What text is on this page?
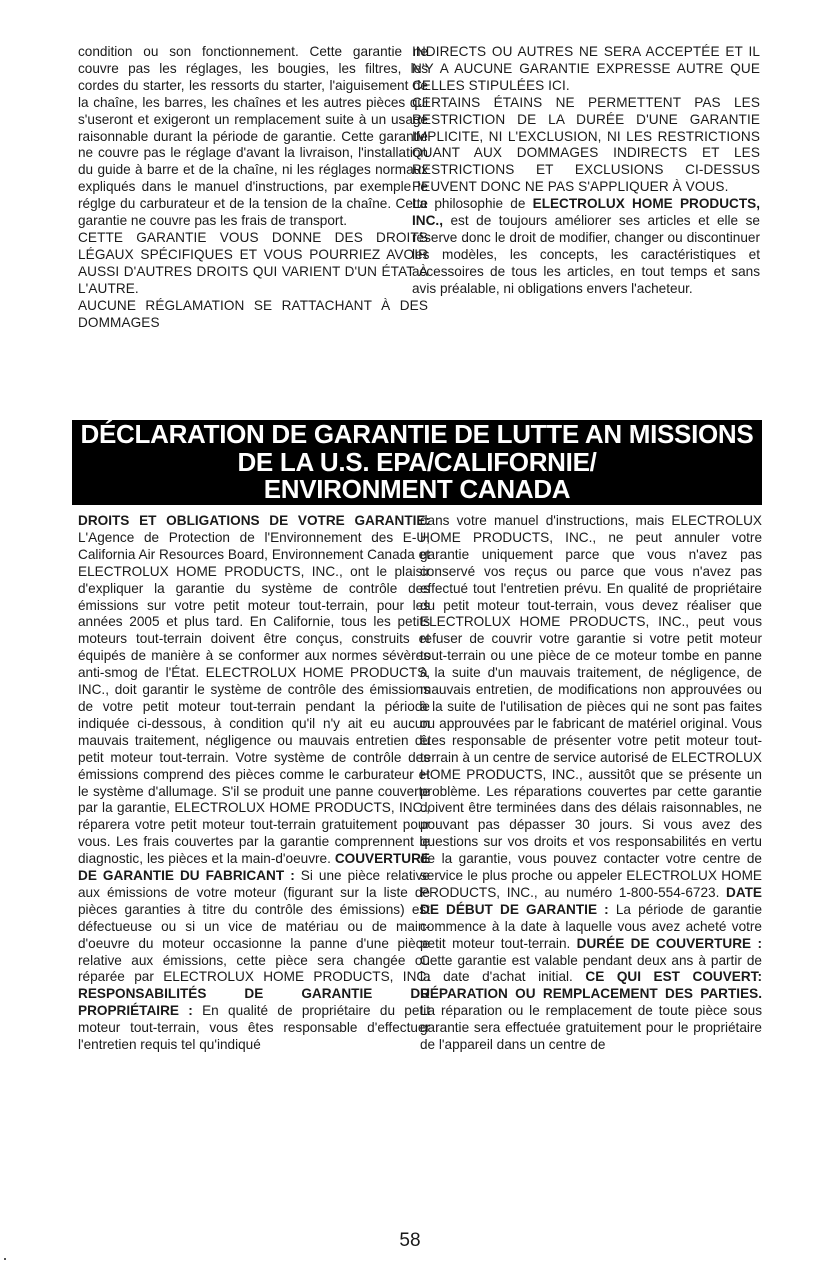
condition ou son fonctionnement. Cette garantie ne couvre pas les réglages, les bougies, les filtres, les cordes du starter, les ressorts du starter, l'aiguisement de la chaîne, les barres, les chaînes et les autres pièces qui s'useront et exigeront un remplacement suite à un usage raisonnable durant la période de garantie. Cette garantie ne couvre pas le réglage d'avant la livraison, l'installation du guide à barre et de la chaîne, ni les réglages normaux expliqués dans le manuel d'instructions, par exemple le réglge du carburateur et de la tension de la chaîne. Cette garantie ne couvre pas les frais de transport.

CETTE GARANTIE VOUS DONNE DES DROITS LÉGAUX SPÉCIFIQUES ET VOUS POURRIEZ AVOIR AUSSI D'AUTRES DROITS QUI VARIENT D'UN ÉTAT À L'AUTRE.

AUCUNE RÉGLAMATION SE RATTACHANT À DES DOMMAGES

INDIRECTS OU AUTRES NE SERA ACCEPTÉE ET IL N'Y A AUCUNE GARANTIE EXPRESSE AUTRE QUE CELLES STIPULÉES ICI.

CERTAINS ÉTAINS NE PERMETTENT PAS LES RESTRICTION DE LA DURÉE D'UNE GARANTIE IMPLICITE, NI L'EXCLUSION, NI LES RESTRICTIONS QUANT AUX DOMMAGES INDIRECTS ET LES RESTRICTIONS ET EXCLUSIONS CI-DESSUS PEUVENT DONC NE PAS S'APPLIQUER À VOUS.

La philosophie de ELECTROLUX HOME PRODUCTS, INC., est de toujours améliorer ses articles et elle se réserve donc le droit de modifier, changer ou discontinuer les modèles, les concepts, les caractéristiques et accessoires de tous les articles, en tout temps et sans avis préalable, ni obligations envers l'acheteur.

DÉCLARATION DE GARANTIE DE LUTTE AN MISSIONS
DE LA U.S. EPA/CALIFORNIE/
ENVIRONMENT CANADA

DROITS ET OBLIGATIONS DE VOTRE GARANTIE: L'Agence de Protection de l'Environnement des E-U, California Air Resources Board, Environnement Canada et ELECTROLUX HOME PRODUCTS, INC., ont le plaisir d'expliquer la garantie du système de contrôle des émissions sur votre petit moteur tout-terrain, pour les années 2005 et plus tard. En Californie, tous les petits moteurs tout-terrain doivent être conçus, construits et équipés de manière à se conformer aux normes sévères anti-smog de l'État. ELECTROLUX HOME PRODUCTS, INC., doit garantir le système de contrôle des émissions de votre petit moteur tout-terrain pendant la période indiquée ci-dessous, à condition qu'il n'y ait eu aucun mauvais traitement, négligence ou mauvais entretien du petit moteur tout-terrain. Votre système de contrôle des émissions comprend des pièces comme le carburateur et le système d'allumage. S'il se produit une panne couverte par la garantie, ELECTROLUX HOME PRODUCTS, INC., réparera votre petit moteur tout-terrain gratuitement pour vous. Les frais couvertes par la garantie comprennent le diagnostic, les pièces et la main-d'oeuvre. COUVERTURE DE GARANTIE DU FABRICANT : Si une pièce relative aux émissions de votre moteur (figurant sur la liste de pièces garanties à titre du contrôle des émissions) est défectueuse ou si un vice de matériau ou de main-d'oeuvre du moteur occasionne la panne d'une pièce relative aux émissions, cette pièce sera changée ou réparée par ELECTROLUX HOME PRODUCTS, INC. RESPONSABILITÉS DE GARANTIE DU PROPRIÉTAIRE : En qualité de propriétaire du petit moteur tout-terrain, vous êtes responsable d'effectuer l'entretien requis tel qu'indiqué

dans votre manuel d'instructions, mais ELECTROLUX HOME PRODUCTS, INC., ne peut annuler votre garantie uniquement parce que vous n'avez pas conservé vos reçus ou parce que vous n'avez pas effectué tout l'entretien prévu. En qualité de propriétaire du petit moteur tout-terrain, vous devez réaliser que ELECTROLUX HOME PRODUCTS, INC., peut vous refuser de couvrir votre garantie si votre petit moteur tout-terrain ou une pièce de ce moteur tombe en panne à la suite d'un mauvais traitement, de négligence, de mauvais entretien, de modifications non approuvées ou à la suite de l'utilisation de pièces qui ne sont pas faites ou approuvées par le fabricant de matériel original. Vous êtes responsable de présenter votre petit moteur tout-terrain à un centre de service autorisé de ELECTROLUX HOME PRODUCTS, INC., aussitôt que se présente un problème. Les réparations couvertes par cette garantie doivent être terminées dans des délais raisonnables, ne pouvant pas dépasser 30 jours. Si vous avez des questions sur vos droits et vos responsabilités en vertu de la garantie, vous pouvez contacter votre centre de service le plus proche ou appeler ELECTROLUX HOME PRODUCTS, INC., au numéro 1-800-554-6723. DATE DE DÉBUT DE GARANTIE : La période de garantie commence à la date à laquelle vous avez acheté votre petit moteur tout-terrain. DURÉE DE COUVERTURE : Cette garantie est valable pendant deux ans à partir de la date d'achat initial. CE QUI EST COUVERT: RÉPARATION OU REMPLACEMENT DES PARTIES. La réparation ou le remplacement de toute pièce sous garantie sera effectuée gratuitement pour le propriétaire de l'appareil dans un centre de

58
